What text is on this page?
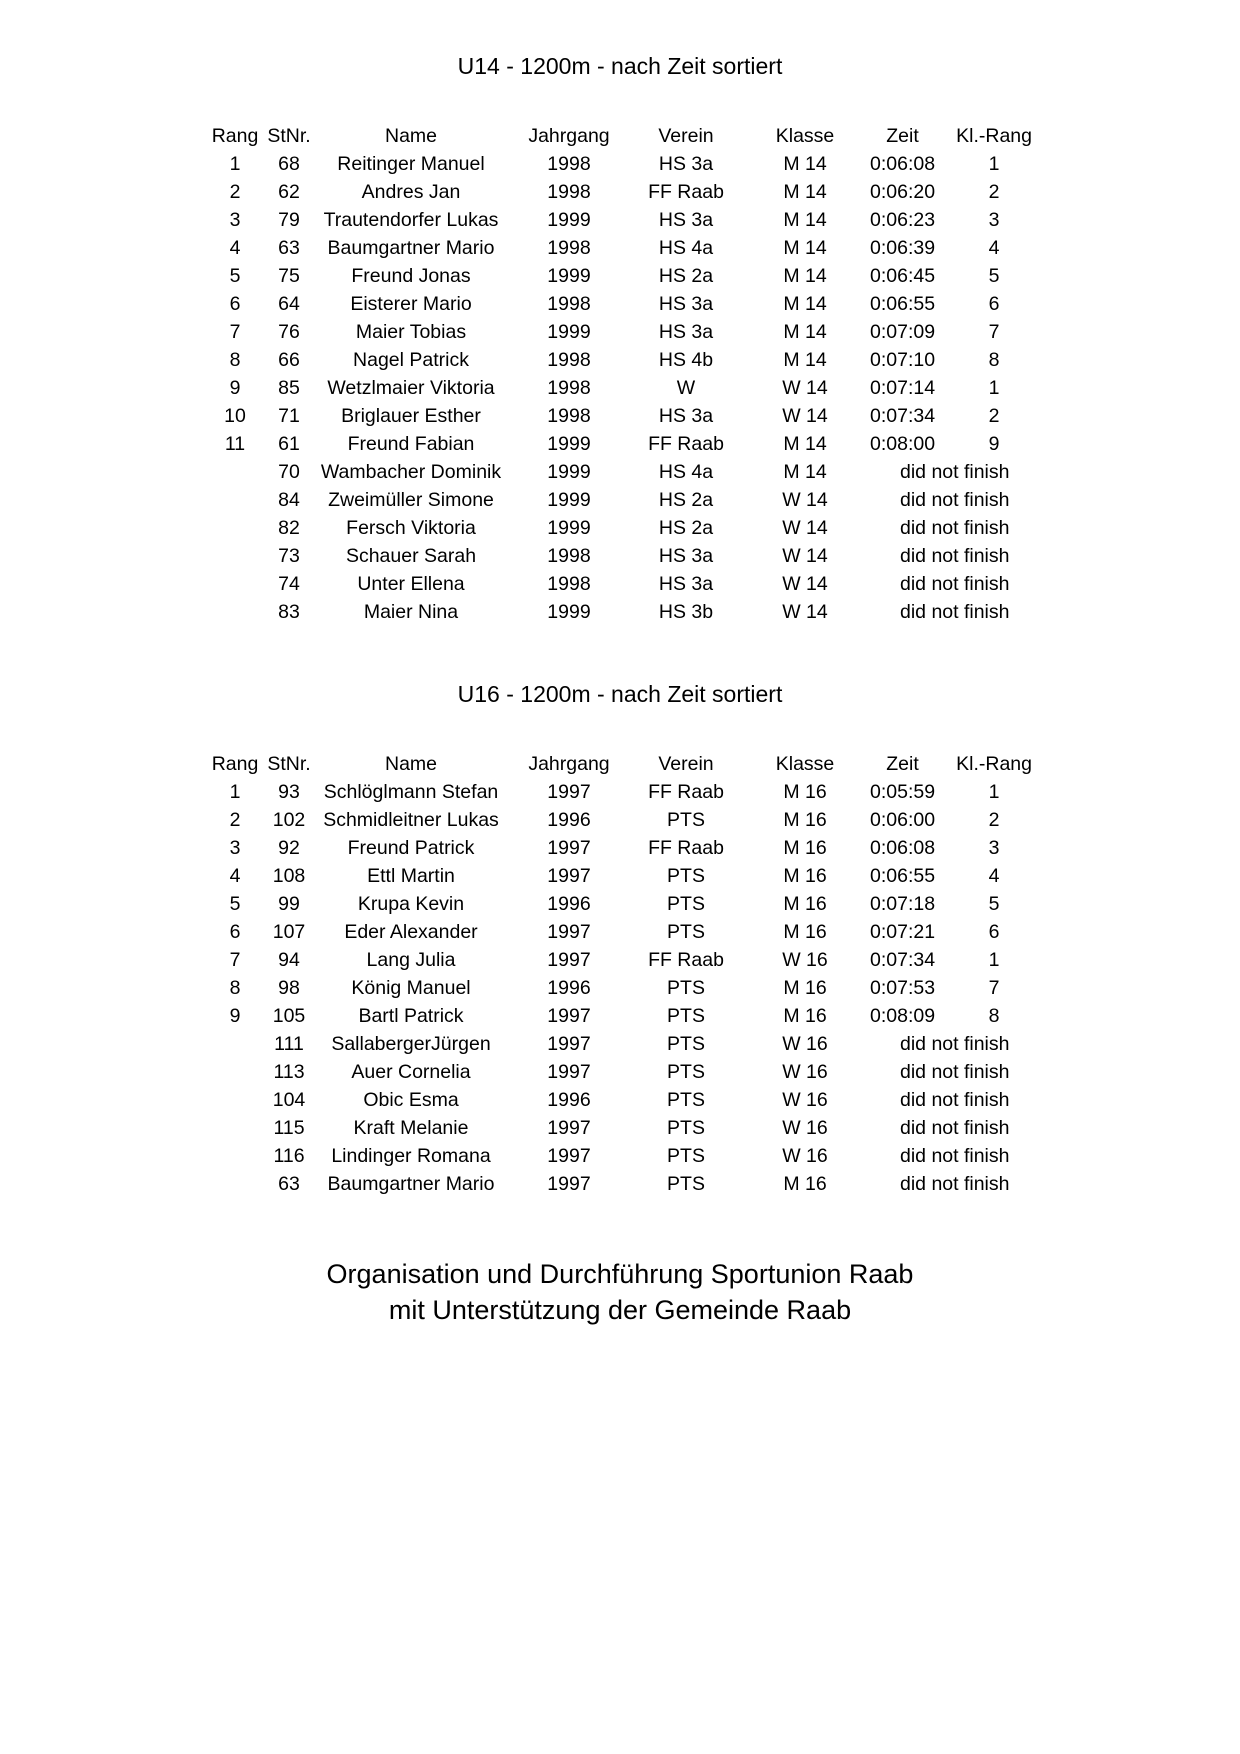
U14 - 1200m - nach Zeit sortiert
Rang	StNr.	Name	Jahrgang	Verein	Klasse	Zeit	Kl.-Rang
1	68	Reitinger Manuel	1998	HS 3a	M 14	0:06:08	1
2	62	Andres Jan	1998	FF Raab	M 14	0:06:20	2
3	79	Trautendorfer Lukas	1999	HS 3a	M 14	0:06:23	3
4	63	Baumgartner Mario	1998	HS 4a	M 14	0:06:39	4
5	75	Freund Jonas	1999	HS 2a	M 14	0:06:45	5
6	64	Eisterer Mario	1998	HS 3a	M 14	0:06:55	6
7	76	Maier Tobias	1999	HS 3a	M 14	0:07:09	7
8	66	Nagel Patrick	1998	HS 4b	M 14	0:07:10	8
9	85	Wetzlmaier Viktoria	1998	W	W 14	0:07:14	1
10	71	Briglauer Esther	1998	HS 3a	W 14	0:07:34	2
11	61	Freund Fabian	1999	FF Raab	M 14	0:08:00	9
	70	Wambacher Dominik	1999	HS 4a	M 14	did not finish	
	84	Zweimüller Simone	1999	HS 2a	W 14	did not finish	
	82	Fersch Viktoria	1999	HS 2a	W 14	did not finish	
	73	Schauer Sarah	1998	HS 3a	W 14	did not finish	
	74	Unter Ellena	1998	HS 3a	W 14	did not finish	
	83	Maier Nina	1999	HS 3b	W 14	did not finish	
U16 - 1200m - nach Zeit sortiert
Rang	StNr.	Name	Jahrgang	Verein	Klasse	Zeit	Kl.-Rang
1	93	Schlöglmann Stefan	1997	FF Raab	M 16	0:05:59	1
2	102	Schmidleitner Lukas	1996	PTS	M 16	0:06:00	2
3	92	Freund Patrick	1997	FF Raab	M 16	0:06:08	3
4	108	Ettl Martin	1997	PTS	M 16	0:06:55	4
5	99	Krupa Kevin	1996	PTS	M 16	0:07:18	5
6	107	Eder Alexander	1997	PTS	M 16	0:07:21	6
7	94	Lang Julia	1997	FF Raab	W 16	0:07:34	1
8	98	König Manuel	1996	PTS	M 16	0:07:53	7
9	105	Bartl Patrick	1997	PTS	M 16	0:08:09	8
	111	SallabergerJürgen	1997	PTS	W 16	did not finish	
	113	Auer Cornelia	1997	PTS	W 16	did not finish	
	104	Obic Esma	1996	PTS	W 16	did not finish	
	115	Kraft Melanie	1997	PTS	W 16	did not finish	
	116	Lindinger Romana	1997	PTS	W 16	did not finish	
	63	Baumgartner Mario	1997	PTS	M 16	did not finish	
Organisation und Durchführung Sportunion Raab
mit Unterstützung der Gemeinde Raab
